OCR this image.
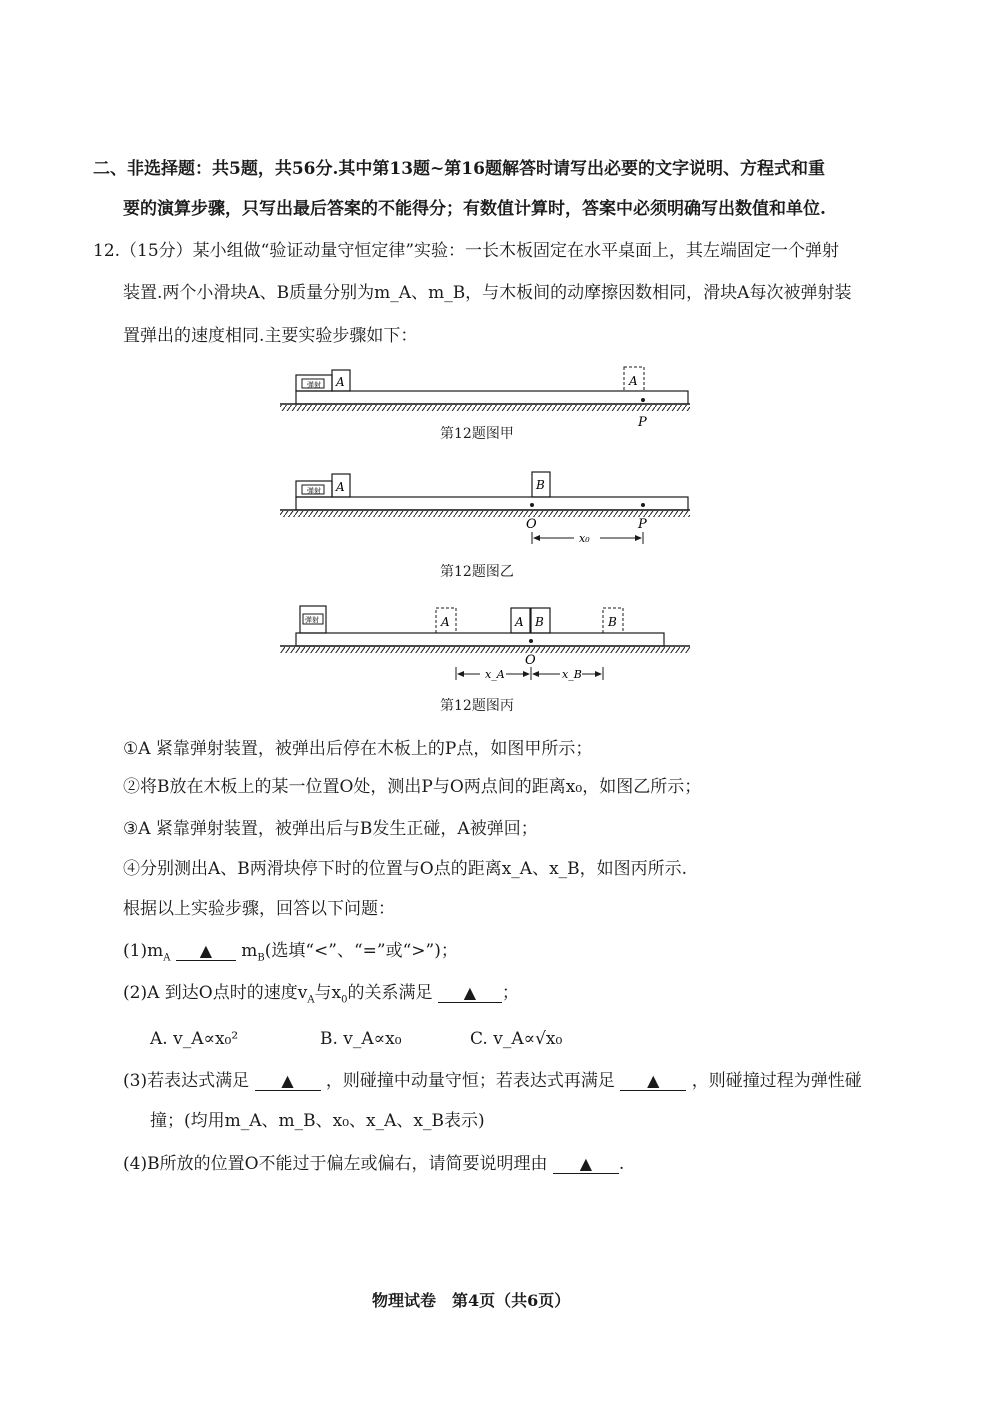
二、非选择题：共5题，共56分.其中第13题~第16题解答时请写出必要的文字说明、方程式和重
要的演算步骤，只写出最后答案的不能得分；有数值计算时，答案中必须明确写出数值和单位.
12.（15分）某小组做“验证动量守恒定律”实验：一长木板固定在水平桌面上，其左端固定一个弹射
装置.两个小滑块A、B质量分别为m_A、m_B，与木板间的动摩擦因数相同，滑块A每次被弹射装
置弹出的速度相同.主要实验步骤如下：
弹射 A	A
P
第12题图甲
弹射 A	B
O	P
x₀
第12题图乙
弹射	A	A B	B
O
x_A	x_B
第12题图丙
①A 紧靠弹射装置，被弹出后停在木板上的P点，如图甲所示；
②将B放在木板上的某一位置O处，测出P与O两点间的距离x₀，如图乙所示；
③A 紧靠弹射装置，被弹出后与B发生正碰，A被弹回；
④分别测出A、B两滑块停下时的位置与O点的距离x_A、x_B，如图丙所示.
根据以上实验步骤，回答以下问题：
$(1)m_A$ ▲ $m_B$(选填“<”、“=”或“>”)；
(2)A 到达O点时的速度$v_A$与$x_0$的关系满足 ▲ ；
A. v_A∝x₀²	B. v_A∝x₀	C. v_A∝√x₀
(3)若表达式满足 ▲ ，则碰撞中动量守恒；若表达式再满足 ▲ ，则碰撞过程为弹性碰
撞；(均用m_A、m_B、x₀、x_A、x_B表示)
(4)B所放的位置O不能过于偏左或偏右，请简要说明理由 ▲ .
物理试卷　第4页（共6页）
